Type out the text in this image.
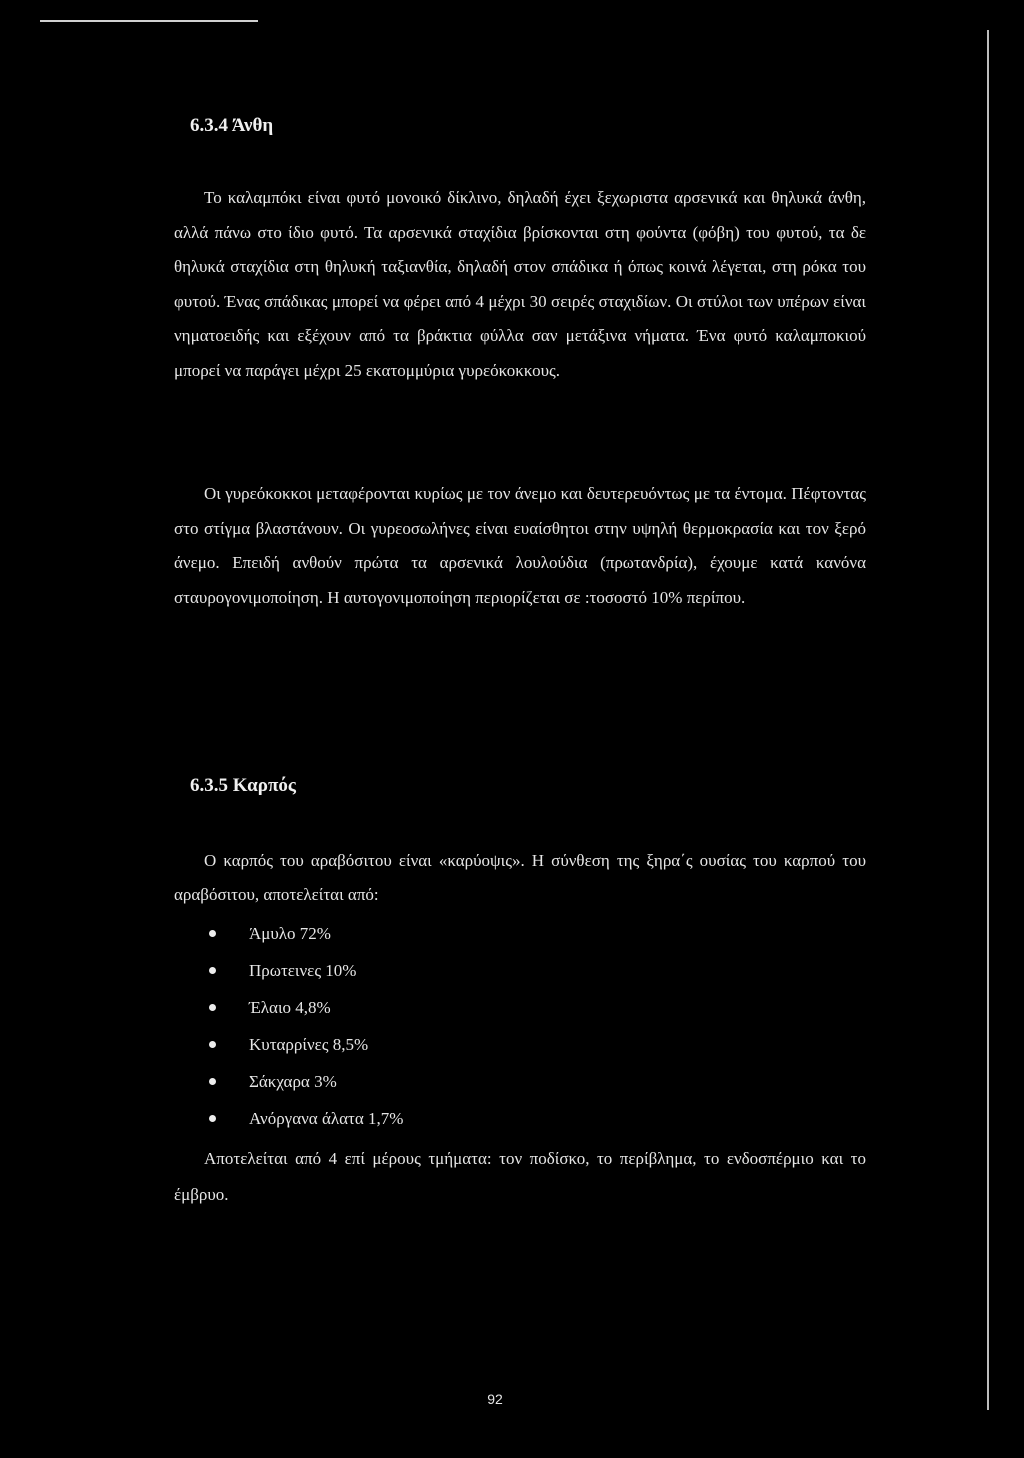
6.3.4 Άνθη

Το καλαμπόκι είναι φυτό μονοικό δίκλινο, δηλαδή έχει ξεχωριστα αρσενικά και θηλυκά άνθη, αλλά πάνω στο ίδιο φυτό. Τα αρσενικά σταχίδια βρίσκονται στη φούντα (φόβη) του φυτού, τα δε θηλυκά σταχίδια στη θηλυκή ταξιανθία, δηλαδή στον σπάδικα ή όπως κοινά λέγεται, στη ρόκα του φυτού. Ένας σπάδικας μπορεί να φέρει από 4 μέχρι 30 σειρές σταχιδίων. Οι στύλοι των υπέρων είναι νηματοειδής και εξέχουν από τα βράκτια φύλλα σαν μετάξινα νήματα. Ένα φυτό καλαμποκιού μπορεί να παράγει μέχρι 25 εκατομμύρια γυρεόκοκκους.

Οι γυρεόκοκκοι μεταφέρονται κυρίως με τον άνεμο και δευτερευόντως με τα έντομα. Πέφτοντας στο στίγμα βλαστάνουν. Οι γυρεοσωλήνες είναι ευαίσθητοι στην υψηλή θερμοκρασία και τον ξερό άνεμο. Επειδή ανθούν πρώτα τα αρσενικά λουλούδια (πρωτανδρία), έχουμε κατά κανόνα σταυρογονιμοποίηση. Η αυτογονιμοποίηση περιορίζεται σε :τοσοστό 10% περίπου.

6.3.5 Καρπός

Ο καρπός του αραβόσιτου είναι «καρύοψις». Η σύνθεση της ξηρα΄ς ουσίας του καρπού του αραβόσιτου, αποτελείται από:

Άμυλο 72%
Πρωτεινες 10%
Έλαιο 4,8%
Κυταρρίνες 8,5%
Σάκχαρα 3%
Ανόργανα άλατα 1,7%

Αποτελείται από 4 επί μέρους τμήματα: τον ποδίσκο, το περίβλημα, το ενδοσπέρμιο και το έμβρυο.

92
